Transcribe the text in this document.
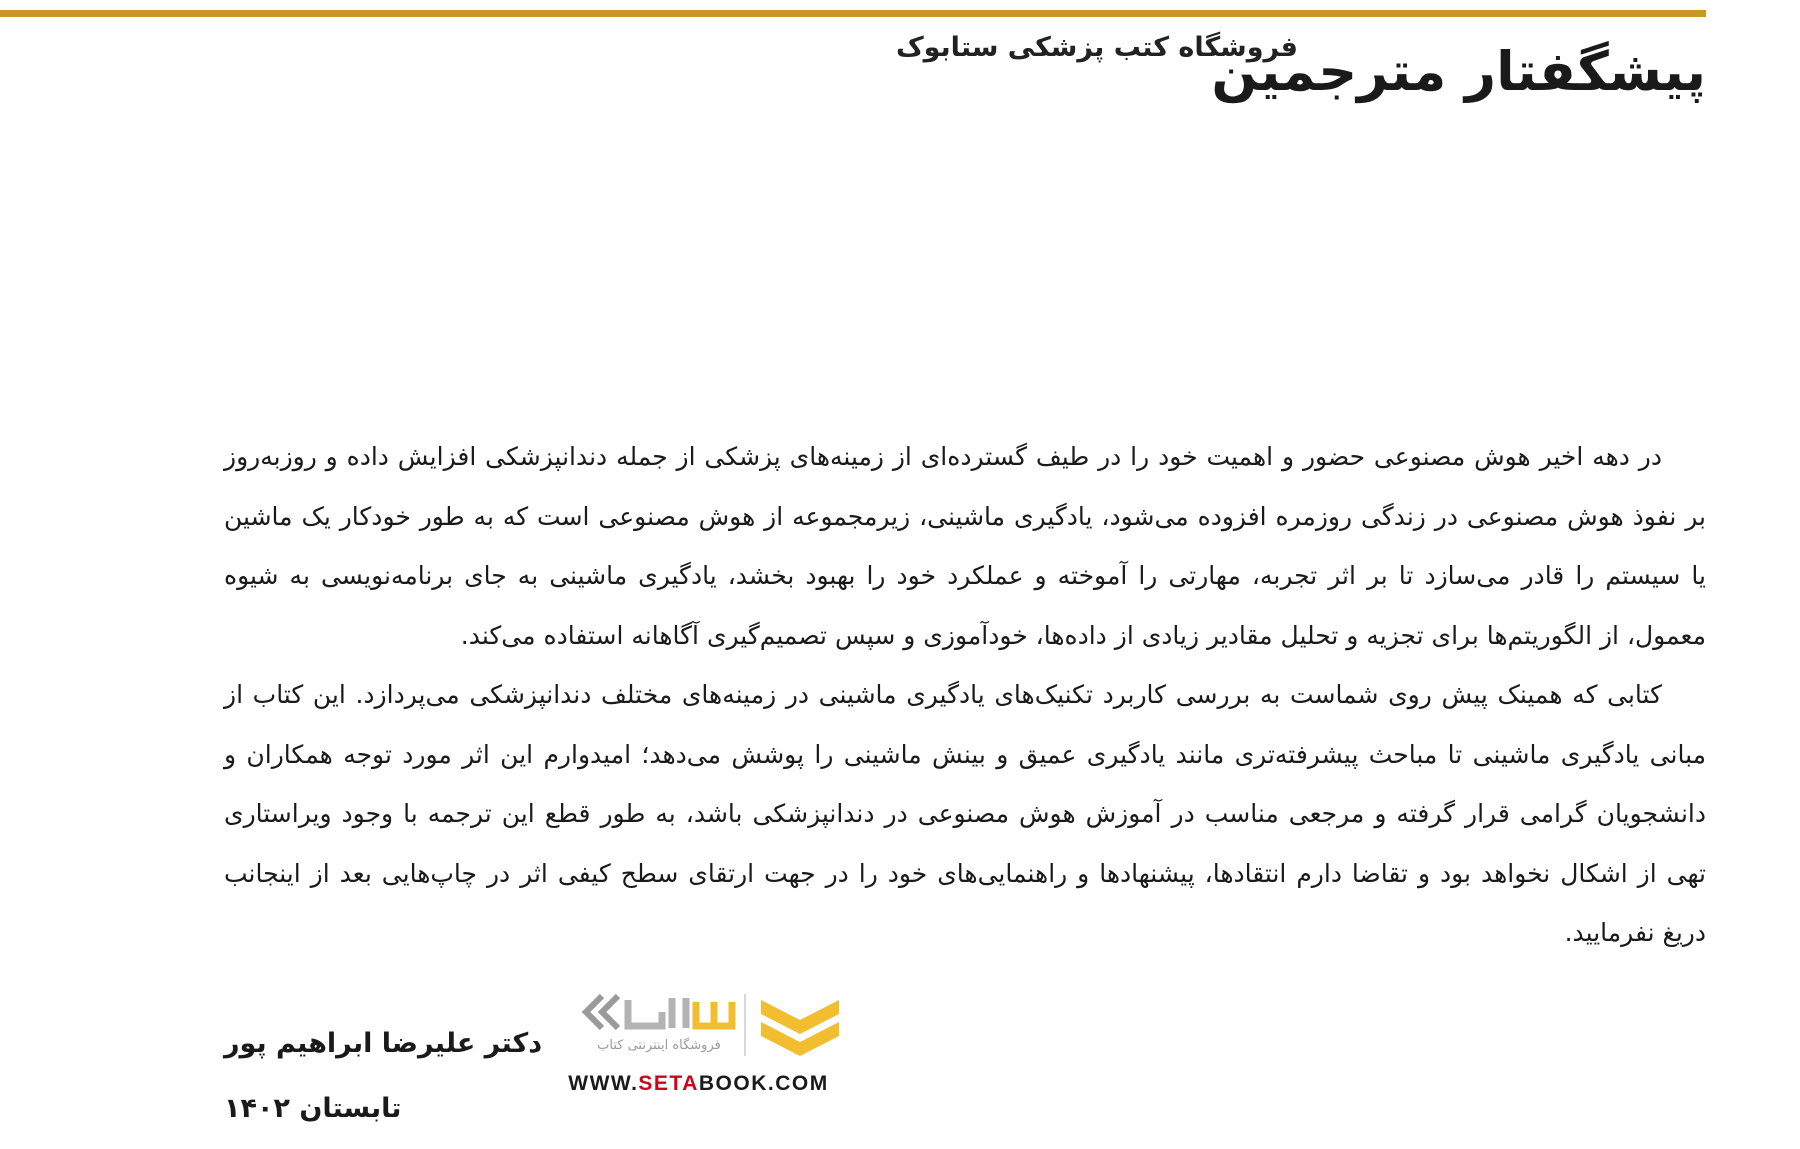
پیشگفتار مترجمین
فروشگاه کتب پزشکی ستابوک

در دهه اخیر هوش مصنوعی حضور و اهمیت خود را در طیف گسترده‌ای از زمینه‌های پزشکی از جمله دندانپزشکی افزایش داده و روزبه‌روز بر نفوذ هوش مصنوعی در زندگی روزمره افزوده می‌شود، یادگیری ماشینی، زیرمجموعه از هوش مصنوعی است که به طور خودکار یک ماشین یا سیستم را قادر می‌سازد تا بر اثر تجربه، مهارتی را آموخته و عملکرد خود را بهبود بخشد، یادگیری ماشینی به جای برنامه‌نویسی به شیوه معمول، از الگوریتم‌ها برای تجزیه و تحلیل مقادیر زیادی از داده‌ها، خودآموزی و سپس تصمیم‌گیری آگاهانه استفاده می‌کند.

کتابی که همینک پیش روی شماست به بررسی کاربرد تکنیک‌های یادگیری ماشینی در زمینه‌های مختلف دندانپزشکی می‌پردازد. این کتاب از مبانی یادگیری ماشینی تا مباحث پیشرفته‌تری مانند یادگیری عمیق و بینش ماشینی را پوشش می‌دهد؛ امیدوارم این اثر مورد توجه همکاران و دانشجویان گرامی قرار گرفته و مرجعی مناسب در آموزش هوش مصنوعی در دندانپزشکی باشد، به طور قطع این ترجمه با وجود ویراستاری تهی از اشکال نخواهد بود و تقاضا دارم انتقادها، پیشنهادها و راهنمایی‌های خود را در جهت ارتقای سطح کیفی اثر در چاپ‌هایی بعد از اینجانب دریغ نفرمایید.

فروشگاه اینترنتی کتاب
WWW.SETABOOK.COM
دکتر علیرضا ابراهیم پور
تابستان ۱۴۰۲
